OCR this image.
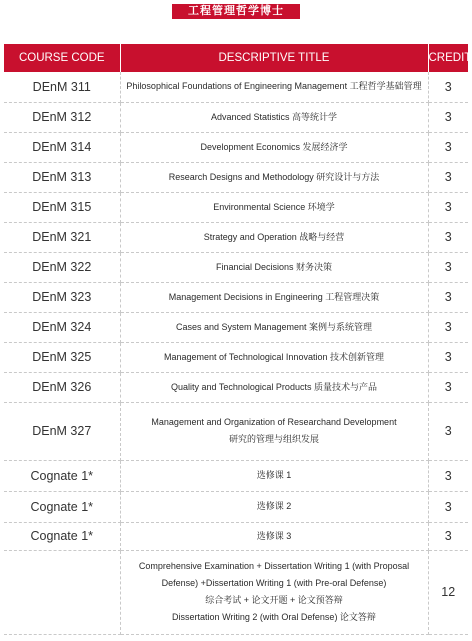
工程管理哲学博士
COURSE CODE	DESCRIPTIVE TITLE	CREDIT
DEnM 311	Philosophical Foundations of Engineering Management 工程哲学基础管理	3
DEnM 312	Advanced Statistics 高等统计学	3
DEnM 314	Development Economics 发展经济学	3
DEnM 313	Research Designs and Methodology 研究设计与方法	3
DEnM 315	Environmental Science 环境学	3
DEnM 321	Strategy and Operation 战略与经营	3
DEnM 322	Financial Decisions 财务决策	3
DEnM 323	Management Decisions in Engineering 工程管理决策	3
DEnM 324	Cases and System Management 案例与系统管理	3
DEnM 325	Management of Technological Innovation 技术创新管理	3
DEnM 326	Quality and Technological Products 质量技术与产品	3
DEnM 327	Management and Organization of Researchand Development
研究的管理与组织发展	3
Cognate 1*	选修课 1	3
Cognate 1*	选修课 2	3
Cognate 1*	选修课 3	3

	Comprehensive Examination + Dissertation Writing 1 (with Proposal
Defense) +Dissertation Writing 1 (with Pre-oral Defense)
综合考试 + 论文开题 + 论文预答辩
Dissertation Writing 2 (with Oral Defense) 论文答辩	12
